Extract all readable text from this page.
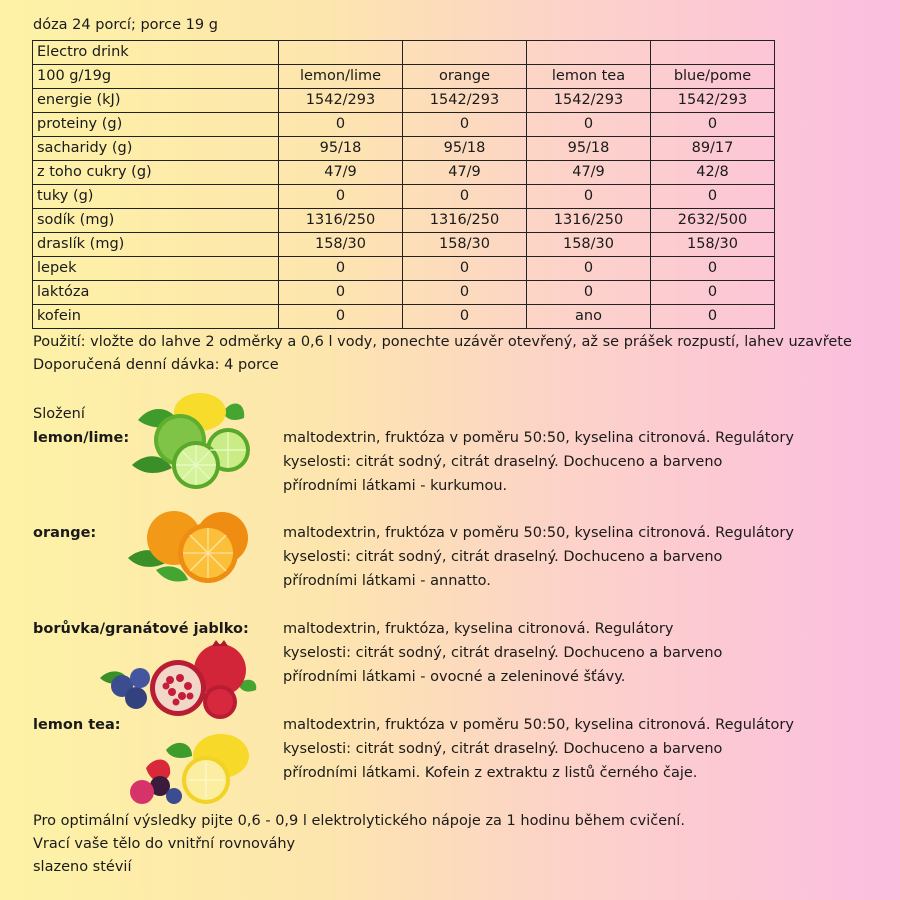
dóza 24 porcí; porce 19 g
Electro drink				
100 g/19g	lemon/lime	orange	lemon tea	blue/pome
energie (kJ)	1542/293	1542/293	1542/293	1542/293
proteiny (g)	0	0	0	0
sacharidy (g)	95/18	95/18	95/18	89/17
z toho cukry (g)	47/9	47/9	47/9	42/8
tuky (g)	0	0	0	0
sodík (mg)	1316/250	1316/250	1316/250	2632/500
draslík (mg)	158/30	158/30	158/30	158/30
lepek	0	0	0	0
laktóza	0	0	0	0
kofein	0	0	ano	0
Použití: vložte do lahve 2 odměrky a 0,6 l vody, ponechte uzávěr otevřený, až se prášek rozpustí, lahev uzavřete
Doporučená denní dávka: 4 porce
Složení
lemon/lime:	maltodextrin, fruktóza v poměru 50:50, kyselina citronová. Regulátory
kyselosti: citrát sodný, citrát draselný. Dochuceno a barveno
přírodními látkami - kurkumou.
orange:	maltodextrin, fruktóza v poměru 50:50, kyselina citronová. Regulátory
kyselosti: citrát sodný, citrát draselný. Dochuceno a barveno
přírodními látkami - annatto.
borůvka/granátové jablko: maltodextrin, fruktóza, kyselina citronová. Regulátory
kyselosti: citrát sodný, citrát draselný. Dochuceno a barveno
přírodními látkami - ovocné a zeleninové šťávy.
lemon tea:	maltodextrin, fruktóza v poměru 50:50, kyselina citronová. Regulátory
kyselosti: citrát sodný, citrát draselný. Dochuceno a barveno
přírodními látkami. Kofein z extraktu z listů černého čaje.
Pro optimální výsledky pijte 0,6 - 0,9 l elektrolytického nápoje za 1 hodinu během cvičení.
Vrací vaše tělo do vnitřní rovnováhy
slazeno stévií
